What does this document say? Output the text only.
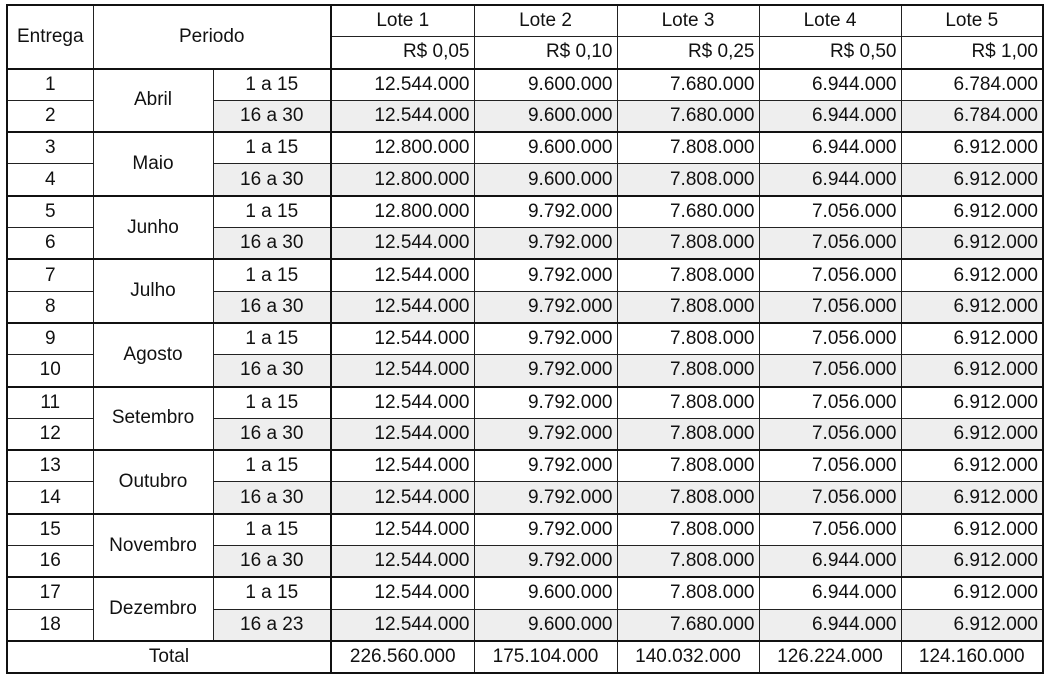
Entrega	Periodo		Lote 1	Lote 2	Lote 3	Lote 4	Lote 5
			R$ 0,05	R$ 0,10	R$ 0,25	R$ 0,50	R$ 1,00
1	Abril	1 a 15	12.544.000	9.600.000	7.680.000	6.944.000	6.784.000
2		16 a 30	12.544.000	9.600.000	7.680.000	6.944.000	6.784.000
3	Maio	1 a 15	12.800.000	9.600.000	7.808.000	6.944.000	6.912.000
4		16 a 30	12.800.000	9.600.000	7.808.000	6.944.000	6.912.000
5	Junho	1 a 15	12.800.000	9.792.000	7.680.000	7.056.000	6.912.000
6		16 a 30	12.544.000	9.792.000	7.808.000	7.056.000	6.912.000
7	Julho	1 a 15	12.544.000	9.792.000	7.808.000	7.056.000	6.912.000
8		16 a 30	12.544.000	9.792.000	7.808.000	7.056.000	6.912.000
9	Agosto	1 a 15	12.544.000	9.792.000	7.808.000	7.056.000	6.912.000
10		16 a 30	12.544.000	9.792.000	7.808.000	7.056.000	6.912.000
11	Setembro	1 a 15	12.544.000	9.792.000	7.808.000	7.056.000	6.912.000
12		16 a 30	12.544.000	9.792.000	7.808.000	7.056.000	6.912.000
13	Outubro	1 a 15	12.544.000	9.792.000	7.808.000	7.056.000	6.912.000
14		16 a 30	12.544.000	9.792.000	7.808.000	7.056.000	6.912.000
15	Novembro	1 a 15	12.544.000	9.792.000	7.808.000	7.056.000	6.912.000
16		16 a 30	12.544.000	9.792.000	7.808.000	6.944.000	6.912.000
17	Dezembro	1 a 15	12.544.000	9.600.000	7.808.000	6.944.000	6.912.000
18		16 a 23	12.544.000	9.600.000	7.680.000	6.944.000	6.912.000
Total			226.560.000	175.104.000	140.032.000	126.224.000	124.160.000
